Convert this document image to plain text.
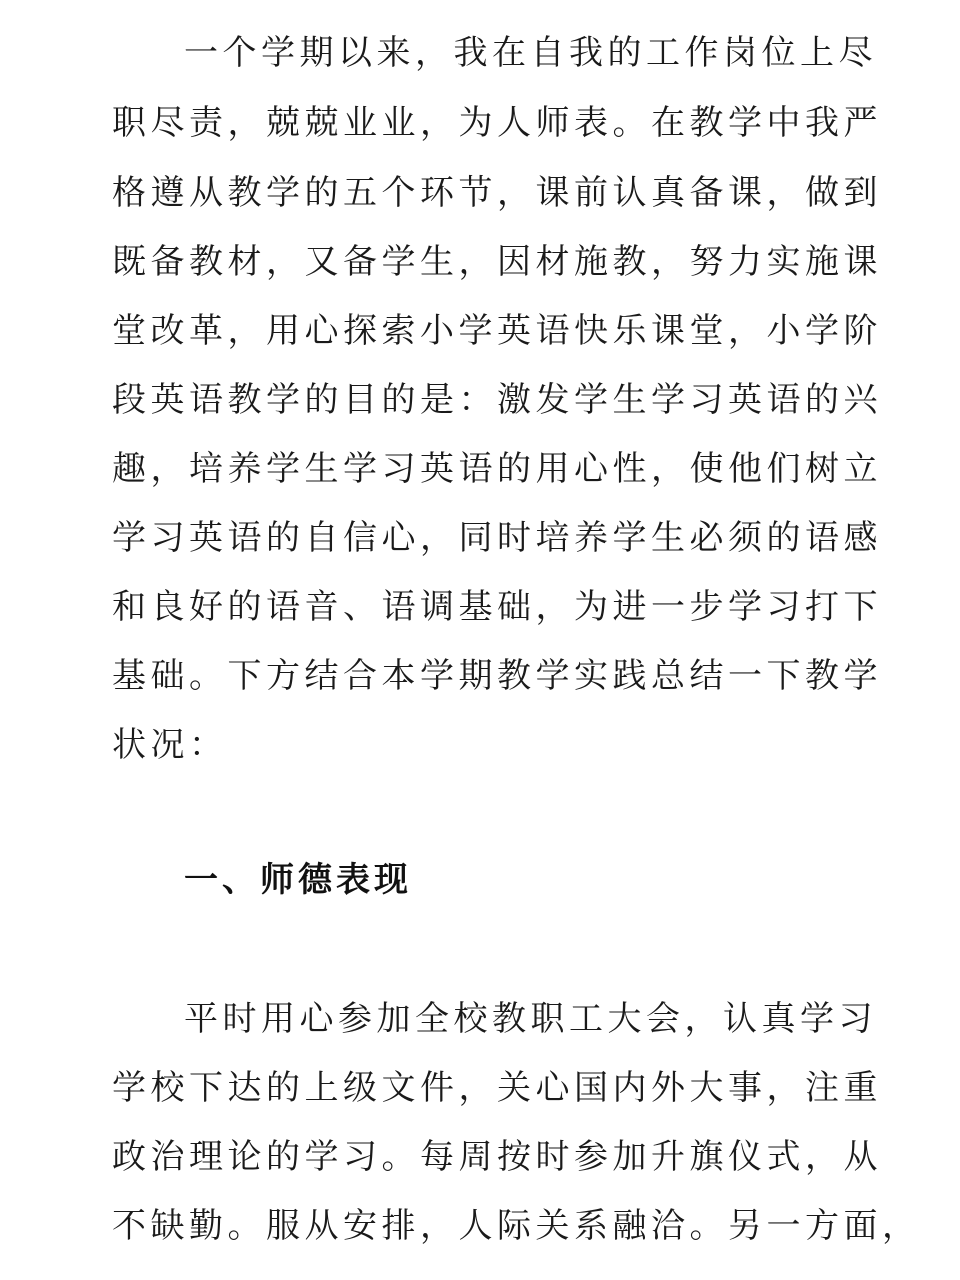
一个学期以来，我在自我的工作岗位上尽
职尽责，兢兢业业，为人师表。在教学中我严
格遵从教学的五个环节，课前认真备课，做到
既备教材，又备学生，因材施教，努力实施课
堂改革，用心探索小学英语快乐课堂，小学阶
段英语教学的目的是：激发学生学习英语的兴
趣，培养学生学习英语的用心性，使他们树立
学习英语的自信心，同时培养学生必须的语感
和良好的语音、语调基础，为进一步学习打下
基础。下方结合本学期教学实践总结一下教学
状况：
一、师德表现
平时用心参加全校教职工大会，认真学习
学校下达的上级文件，关心国内外大事，注重
政治理论的学习。每周按时参加升旗仪式，从
不缺勤。服从安排，人际关系融洽。另一方面，
